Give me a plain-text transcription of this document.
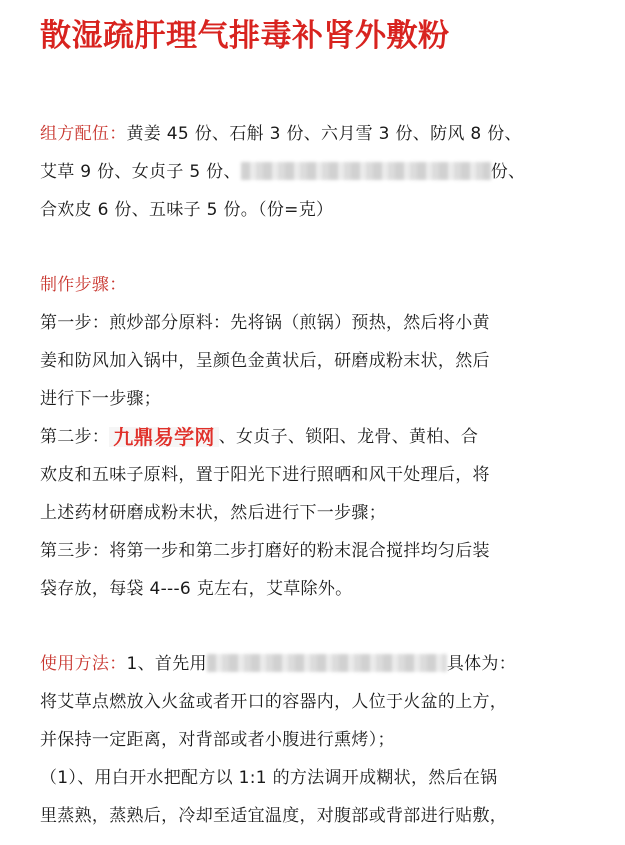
散湿疏肝理气排毒补肾外敷粉
组方配伍：黄姜 45 份、石斛 3 份、六月雪 3 份、防风 8 份、
艾草 9 份、女贞子 5 份、	份、
合欢皮 6 份、五味子 5 份。（份=克）
制作步骤：
第一步：煎炒部分原料：先将锅（煎锅）预热，然后将小黄
姜和防风加入锅中，呈颜色金黄状后，研磨成粉末状，然后
进行下一步骤；
第二步： 九鼎易学网 、女贞子、锁阳、龙骨、黄柏、合
欢皮和五味子原料，置于阳光下进行照晒和风干处理后，将
上述药材研磨成粉末状，然后进行下一步骤；
第三步：将第一步和第二步打磨好的粉末混合搅拌均匀后装
袋存放，每袋 4---6 克左右，艾草除外。
使用方法：1、首先用	具体为：
将艾草点燃放入火盆或者开口的容器内，人位于火盆的上方，
并保持一定距离，对背部或者小腹进行熏烤）；
（1）、用白开水把配方以 1:1 的方法调开成糊状，然后在锅
里蒸熟，蒸熟后，冷却至适宜温度，对腹部或背部进行贴敷，
